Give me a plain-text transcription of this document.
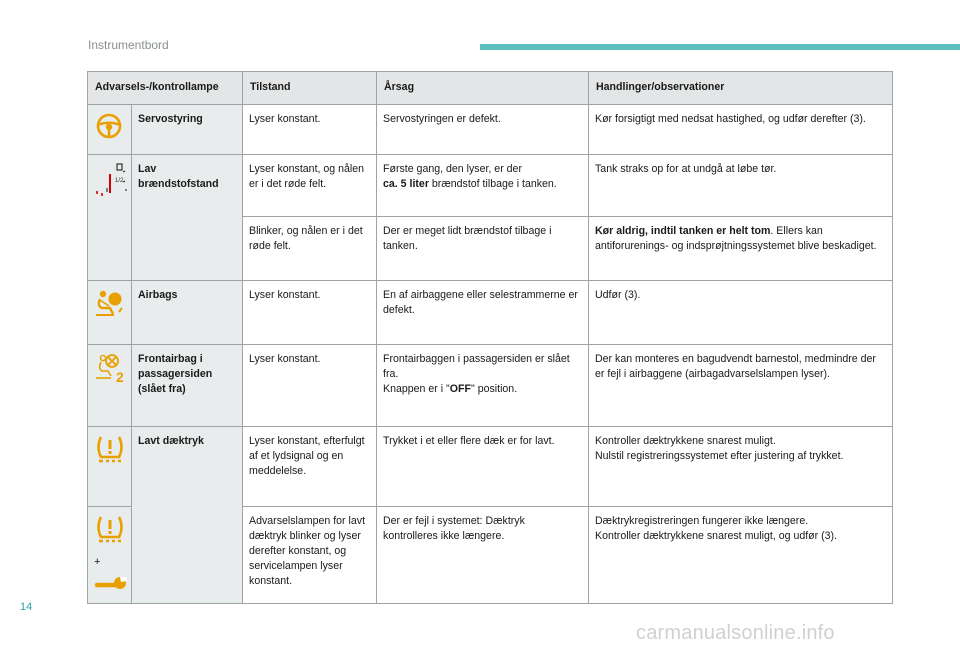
Instrumentbord
Advarsels-/kontrollampe		Tilstand	Årsag	Handlinger/observationer
	Servostyring	Lyser konstant.	Servostyringen er defekt.	Kør forsigtigt med nedsat hastighed, og udfør derefter (3).

1/2	Lav brændstofstand	Lyser konstant, og nålen er i det røde felt.	Første gang, den lyser, er der
ca. 5 liter brændstof tilbage i tanken.	Tank straks op for at undgå at løbe tør.
		Blinker, og nålen er i det røde felt.	Der er meget lidt brændstof tilbage i tanken.	Kør aldrig, indtil tanken er helt tom. Ellers kan antiforurenings- og indsprøjtningssystemet blive beskadiget.
	Airbags	Lyser konstant.	En af airbaggene eller selestrammerne er defekt.	Udfør (3).

2	Frontairbag i passagersiden (slået fra)	Lyser konstant.	Frontairbaggen i passagersiden er slået fra.
Knappen er i "OFF" position.	Der kan monteres en bagudvendt barnestol, medmindre der er fejl i airbaggene (airbagadvarselslampen lyser).
	Lavt dæktryk	Lyser konstant, efterfulgt af et lydsignal og en meddelelse.	Trykket i et eller flere dæk er for lavt.	Kontroller dæktrykkene snarest muligt.
Nulstil registreringssystemet efter justering af trykket.

+		Advarselslampen for lavt dæktryk blinker og lyser derefter konstant, og servicelampen lyser konstant.	Der er fejl i systemet: Dæktryk kontrolleres ikke længere.	Dæktrykregistreringen fungerer ikke længere.
Kontroller dæktrykkene snarest muligt, og udfør (3).
14
carmanualsonline.info
